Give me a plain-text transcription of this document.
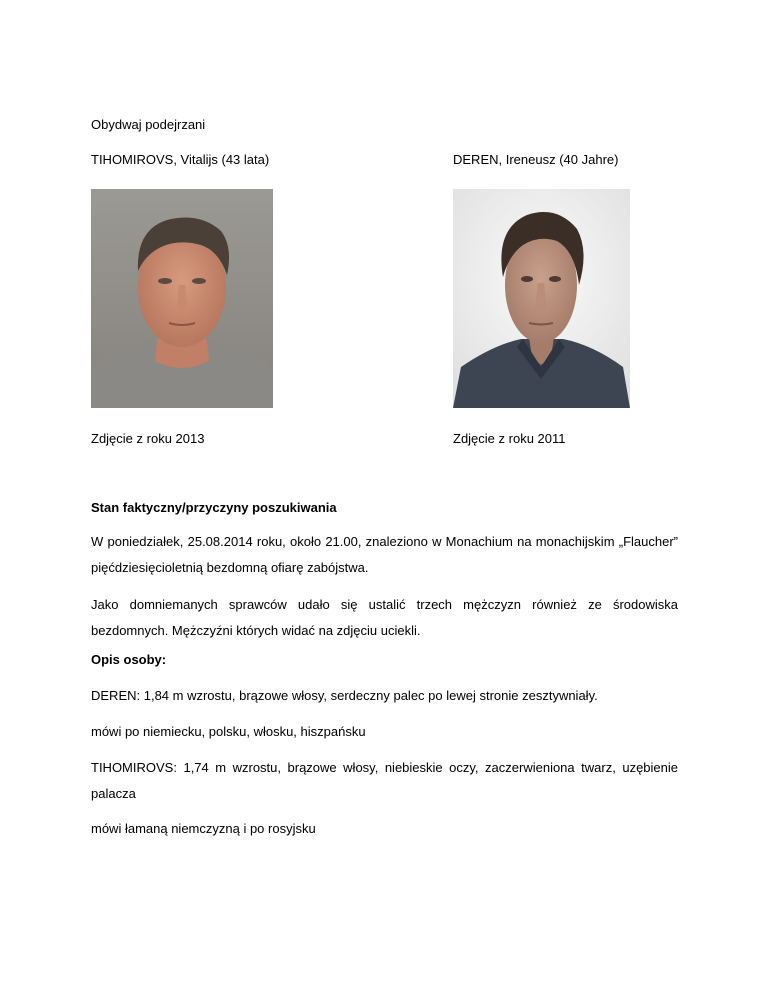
Obydwaj podejrzani
TIHOMIROVS, Vitalijs (43 lata)	DEREN, Ireneusz (40 Jahre)
Zdjęcie z roku 2013	Zdjęcie z roku 2011
Stan faktyczny/przyczyny poszukiwania
W poniedziałek, 25.08.2014 roku, około 21.00, znaleziono w Monachium na monachijskim „Flaucher” pięćdziesięcioletnią bezdomną ofiarę zabójstwa.
Jako domniemanych sprawców udało się ustalić trzech mężczyzn również ze środowiska bezdomnych. Mężczyźni których widać na zdjęciu uciekli.
Opis osoby:
DEREN: 1,84 m wzrostu, brązowe włosy, serdeczny palec po lewej stronie zesztywniały.
mówi po niemiecku, polsku, włosku, hiszpańsku
TIHOMIROVS: 1,74 m wzrostu, brązowe włosy, niebieskie oczy, zaczerwieniona twarz, uzębienie palacza
mówi łamaną niemczyzną i po rosyjsku
